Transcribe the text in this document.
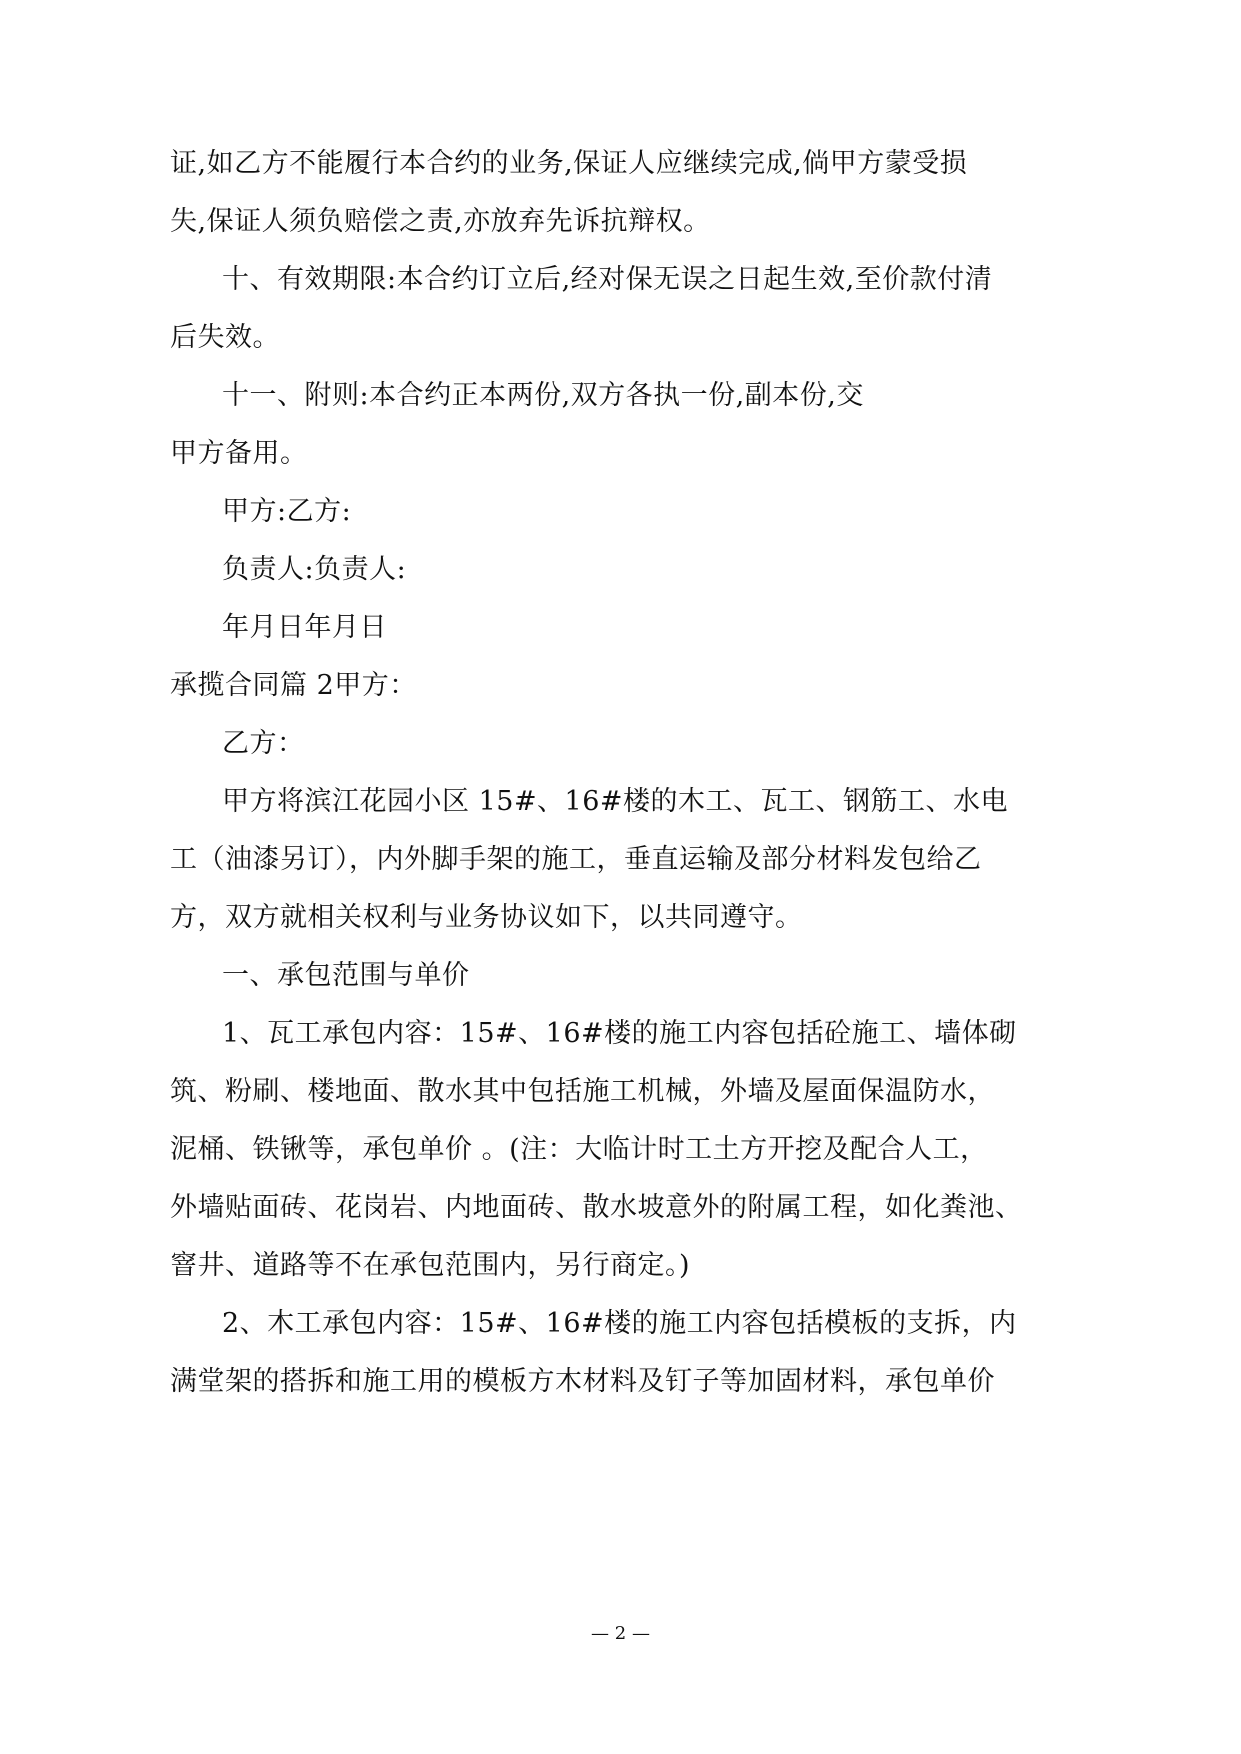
证,如乙方不能履行本合约的业务,保证人应继续完成,倘甲方蒙受损
失,保证人须负赔偿之责,亦放弃先诉抗辩权。
十、有效期限:本合约订立后,经对保无误之日起生效,至价款付清
后失效。
十一、附则:本合约正本两份,双方各执一份,副本份,交
甲方备用。
甲方:乙方:
负责人:负责人:
年月日年月日
承揽合同篇 2甲方：
乙方：
甲方将滨江花园小区 15#、16#楼的木工、瓦工、钢筋工、水电
工（油漆另订），内外脚手架的施工，垂直运输及部分材料发包给乙
方，双方就相关权利与业务协议如下，以共同遵守。
一、承包范围与单价
1、瓦工承包内容：15#、16#楼的施工内容包括砼施工、墙体砌
筑、粉刷、楼地面、散水其中包括施工机械，外墙及屋面保温防水，
泥桶、铁锹等，承包单价 。(注：大临计时工土方开挖及配合人工，
外墙贴面砖、花岗岩、内地面砖、散水坡意外的附属工程，如化粪池、
窨井、道路等不在承包范围内，另行商定。)
2、木工承包内容：15#、16#楼的施工内容包括模板的支拆，内
满堂架的搭拆和施工用的模板方木材料及钉子等加固材料，承包单价
— 2 —
